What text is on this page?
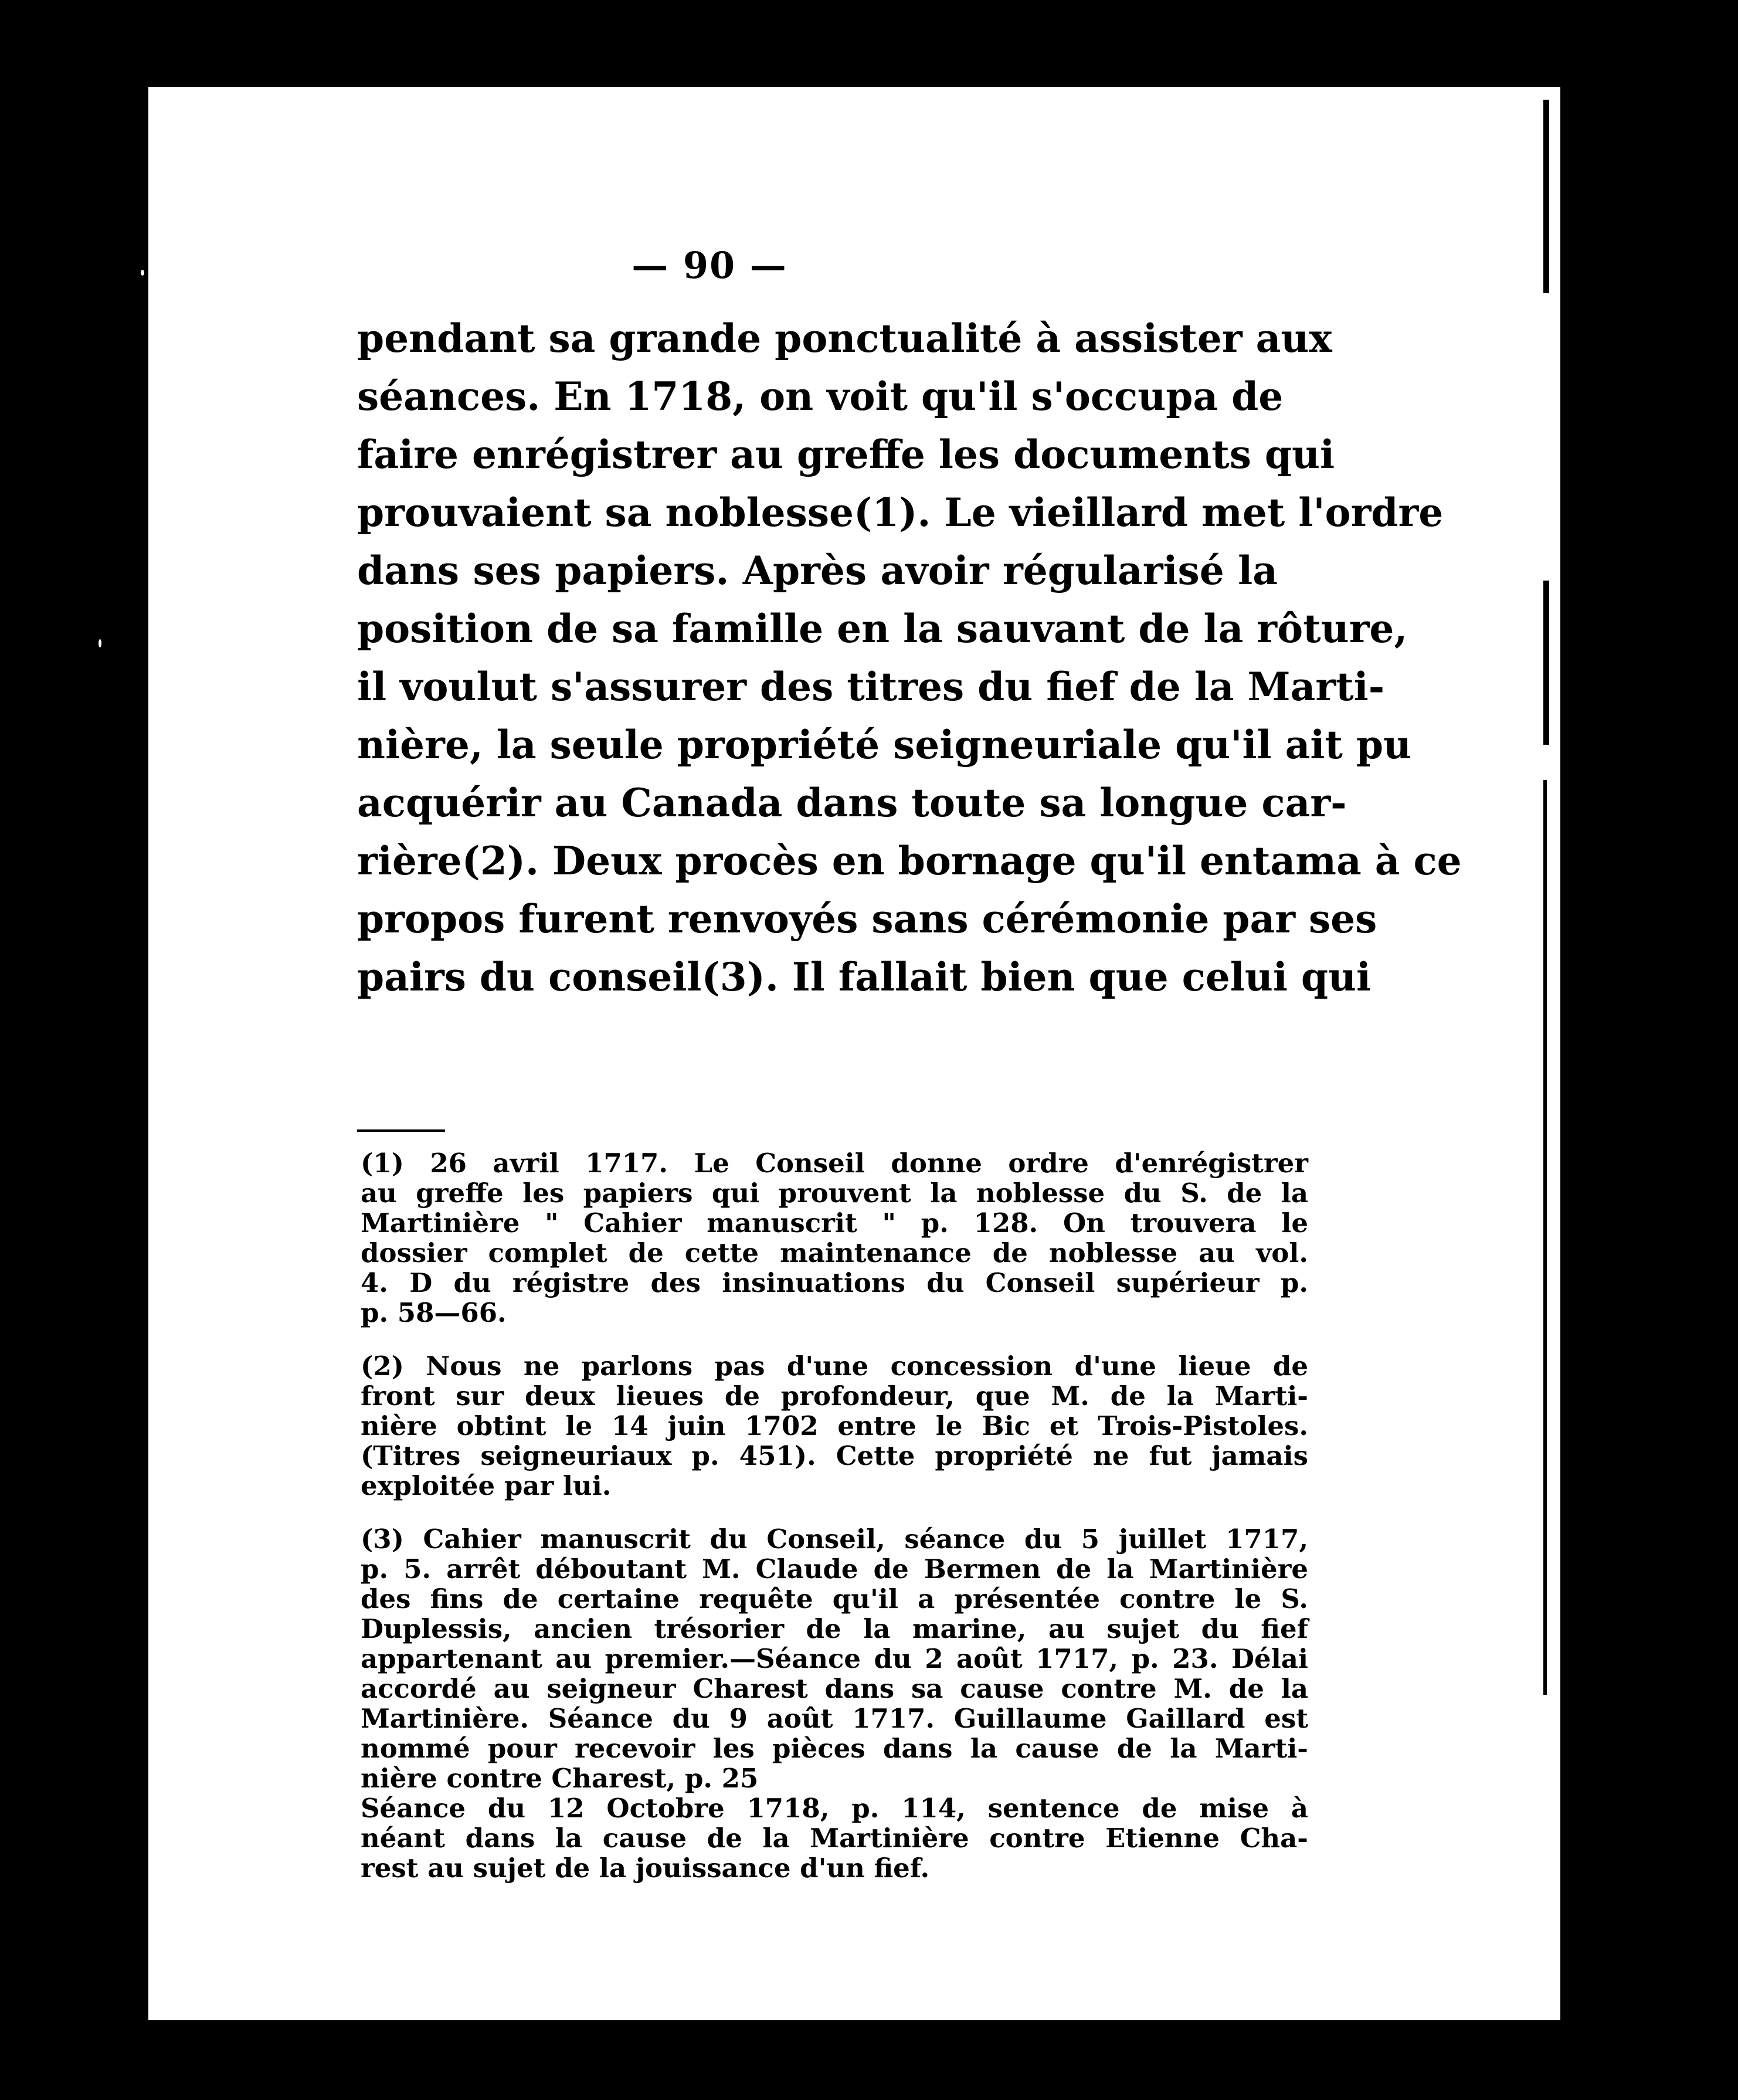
— 90 —
pendant sa grande ponctualité à assister aux
séances. En 1718, on voit qu'il s'occupa de
faire enrégistrer au greffe les documents qui
prouvaient sa noblesse(1). Le vieillard met l'ordre
dans ses papiers. Après avoir régularisé la
position de sa famille en la sauvant de la rôture,
il voulut s'assurer des titres du fief de la Marti-
nière, la seule propriété seigneuriale qu'il ait pu
acquérir au Canada dans toute sa longue car-
rière(2). Deux procès en bornage qu'il entama à ce
propos furent renvoyés sans cérémonie par ses
pairs du conseil(3). Il fallait bien que celui qui
(1) 26 avril 1717. Le Conseil donne ordre d'enrégistrer
au greffe les papiers qui prouvent la noblesse du S. de la
Martinière " Cahier manuscrit " p. 128. On trouvera le
dossier complet de cette maintenance de noblesse au vol.
4. D du régistre des insinuations du Conseil supérieur p.
p. 58—66.
(2) Nous ne parlons pas d'une concession d'une lieue de
front sur deux lieues de profondeur, que M. de la Marti-
nière obtint le 14 juin 1702 entre le Bic et Trois-Pistoles.
(Titres seigneuriaux p. 451). Cette propriété ne fut jamais
exploitée par lui.
(3) Cahier manuscrit du Conseil, séance du 5 juillet 1717,
p. 5. arrêt déboutant M. Claude de Bermen de la Martinière
des fins de certaine requête qu'il a présentée contre le S.
Duplessis, ancien trésorier de la marine, au sujet du fief
appartenant au premier.—Séance du 2 août 1717, p. 23. Délai
accordé au seigneur Charest dans sa cause contre M. de la
Martinière. Séance du 9 août 1717. Guillaume Gaillard est
nommé pour recevoir les pièces dans la cause de la Marti-
nière contre Charest, p. 25
Séance du 12 Octobre 1718, p. 114, sentence de mise à
néant dans la cause de la Martinière contre Etienne Cha-
rest au sujet de la jouissance d'un fief.
